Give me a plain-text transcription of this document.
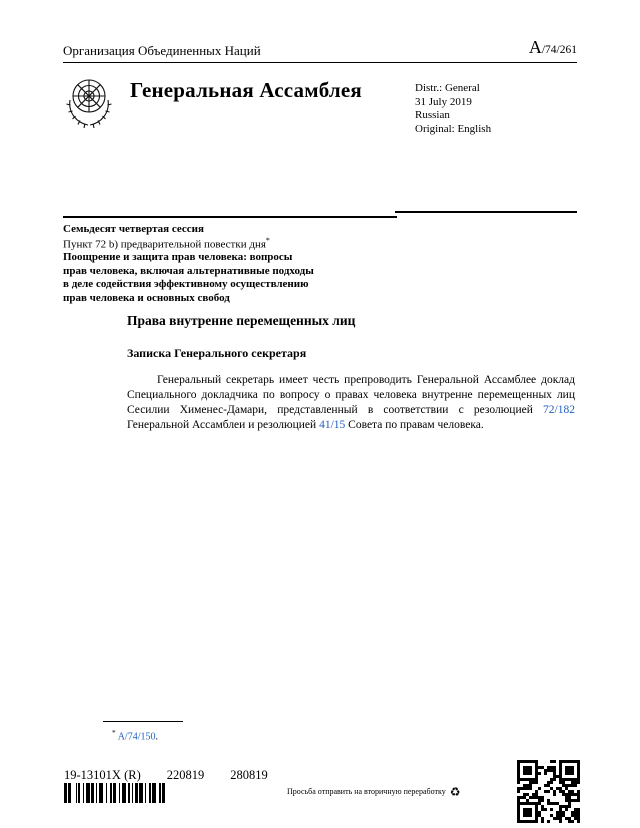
Организация Объединенных Наций	A/74/261
Генеральная Ассамблея	Distr.: General
31 July 2019
Russian
Original: English
Семьдесят четвертая сессия
Пункт 72 b) предварительной повестки дня*
Поощрение и защита прав человека: вопросы
прав человека, включая альтернативные подходы
в деле содействия эффективному осуществлению
прав человека и основных свобод
Права внутренне перемещенных лиц
Записка Генерального секретаря
Генеральный секретарь имеет честь препроводить Генеральной Ассамблее доклад Специального докладчика по вопросу о правах человека внутренне перемещенных лиц Сесилии Хименес-Дамари, представленный в соответствии с резолюцией 72/182 Генеральной Ассамблеи и резолюцией 41/15 Совета по правам человека.
* A/74/150.
19-13101X (R) 220819 280819
Просьба отправить на вторичную переработку ♻
